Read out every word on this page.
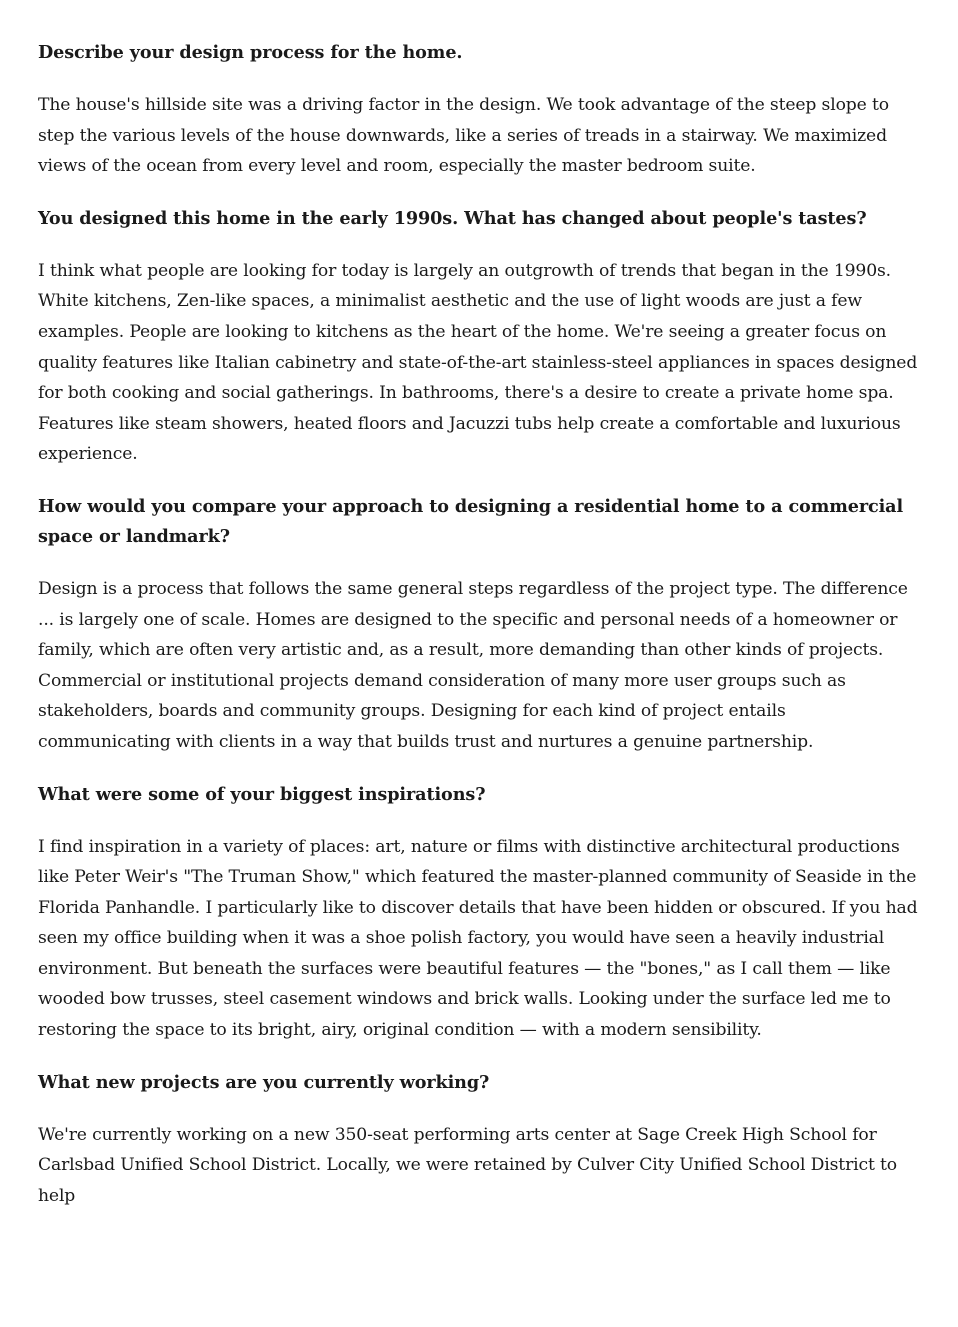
Describe your design process for the home.

The house's hillside site was a driving factor in the design. We took advantage of the steep slope to step the various levels of the house downwards, like a series of treads in a stairway. We maximized views of the ocean from every level and room, especially the master bedroom suite.

You designed this home in the early 1990s. What has changed about people's tastes?

I think what people are looking for today is largely an outgrowth of trends that began in the 1990s. White kitchens, Zen-like spaces, a minimalist aesthetic and the use of light woods are just a few examples. People are looking to kitchens as the heart of the home. We're seeing a greater focus on quality features like Italian cabinetry and state-of-the-art stainless-steel appliances in spaces designed for both cooking and social gatherings. In bathrooms, there's a desire to create a private home spa. Features like steam showers, heated floors and Jacuzzi tubs help create a comfortable and luxurious experience.

How would you compare your approach to designing a residential home to a commercial space or landmark?

Design is a process that follows the same general steps regardless of the project type. The difference ... is largely one of scale. Homes are designed to the specific and personal needs of a homeowner or family, which are often very artistic and, as a result, more demanding than other kinds of projects. Commercial or institutional projects demand consideration of many more user groups such as stakeholders, boards and community groups. Designing for each kind of project entails communicating with clients in a way that builds trust and nurtures a genuine partnership.

What were some of your biggest inspirations?

I find inspiration in a variety of places: art, nature or films with distinctive architectural productions like Peter Weir's "The Truman Show," which featured the master-planned community of Seaside in the Florida Panhandle. I particularly like to discover details that have been hidden or obscured. If you had seen my office building when it was a shoe polish factory, you would have seen a heavily industrial environment. But beneath the surfaces were beautiful features — the "bones," as I call them — like wooded bow trusses, steel casement windows and brick walls. Looking under the surface led me to restoring the space to its bright, airy, original condition — with a modern sensibility.

What new projects are you currently working?

We're currently working on a new 350-seat performing arts center at Sage Creek High School for Carlsbad Unified School District. Locally, we were retained by Culver City Unified School District to help
